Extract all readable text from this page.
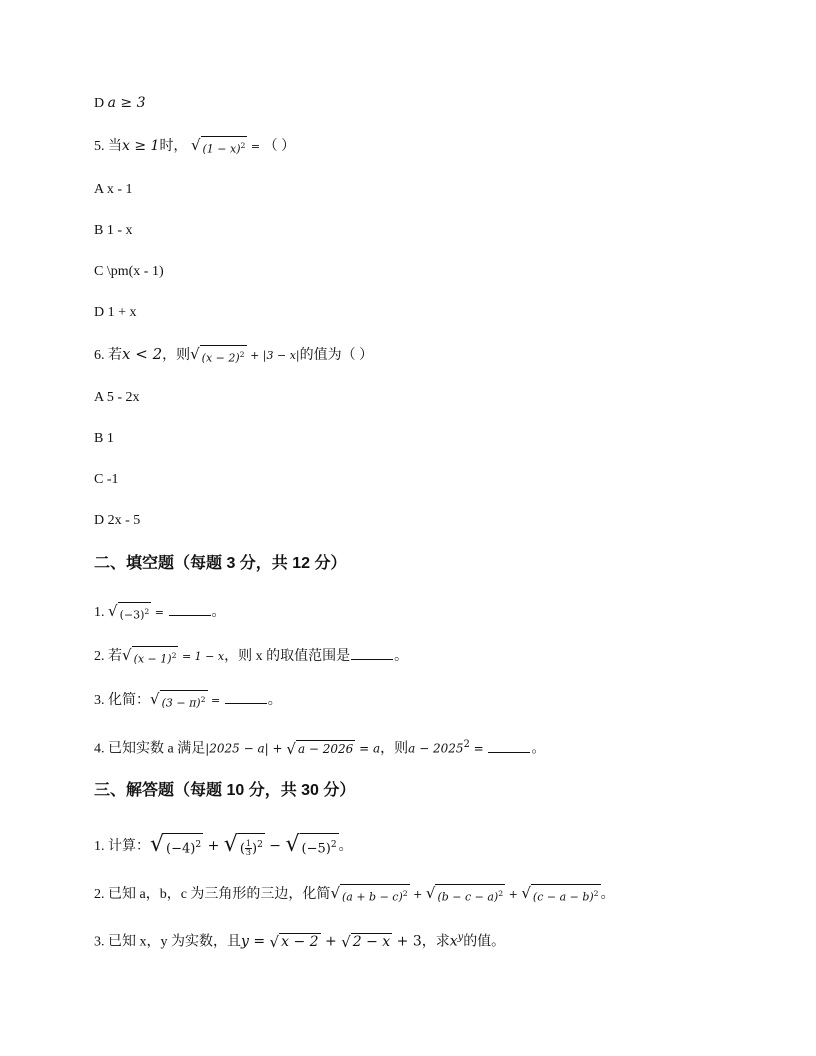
D a ≥ 3
5. 当x ≥ 1时， √ $(1 - x)^2$ = （ ）
A x - 1
B 1 - x
C \pm(x - 1)
D 1 + x
6. 若x < 2，则 √ $(x - 2)^2 + |3 - x|$的值为（ ）
A 5 - 2x
B 1
C -1
D 2x - 5
二、填空题（每题 3 分，共 12 分）
1. √ $(-3)^2$ =	。
2. 若 √ $(x - 1)^2 = 1 - x$，则 x 的取值范围是	。
3. 化简： √ $(3 - \pi)^2$ =	。
4. 已知实数 a 满足|2025 − a| + √ a − 2026 = a，则$a - 2025^2$ =	。
三、解答题（每题 10 分，共 30 分）
1. 计算： √ $(-4)^2$ + √ ( $\frac{1}{3} )^2$ − √ $(-5)^2$ 。
2. 已知 a，b，c 为三角形的三边，化简 √ $(a + b - c)^2$ + √ $(b - c - a)^2$ + √ $(c - a - b)^2$ 。
3. 已知 x，y 为实数，且y = √ x − 2 + √ 2 − x + 3，求$x^y$的值。
